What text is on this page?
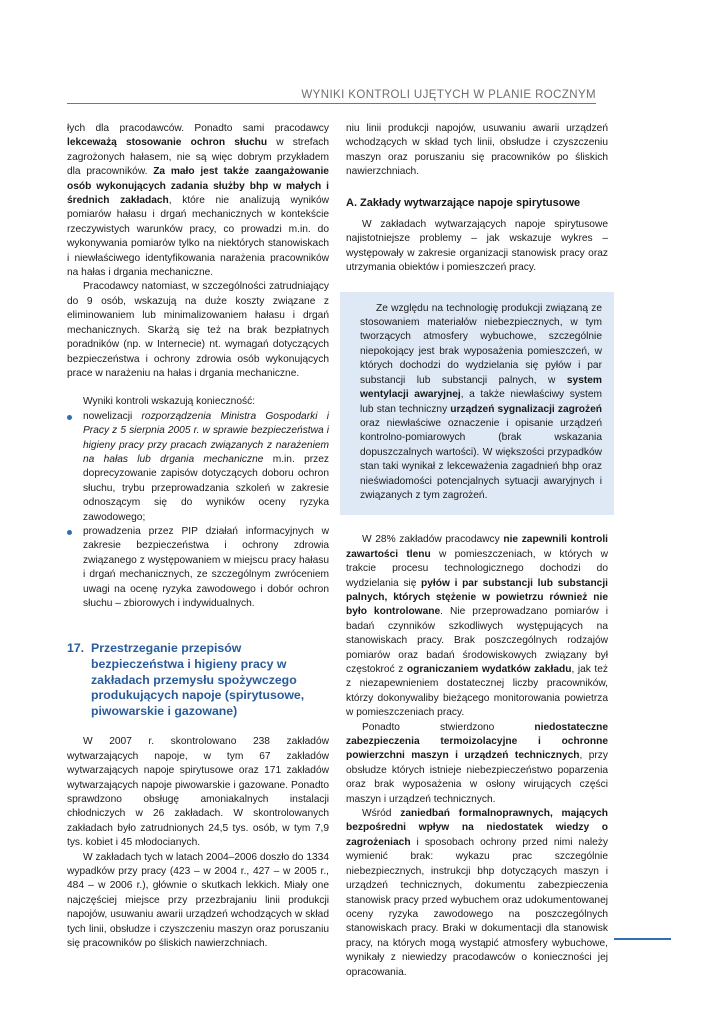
WYNIKI KONTROLI UJĘTYCH W PLANIE ROCZNYM

łych dla pracodawców. Ponadto sami pracodawcy lekceważą stosowanie ochron słuchu w strefach zagrożonych hałasem, nie są więc dobrym przykładem dla pracowników. Za mało jest także zaangażowanie osób wykonujących zadania służby bhp w małych i średnich zakładach, które nie analizują wyników pomiarów hałasu i drgań mechanicznych w kontekście rzeczywistych warunków pracy, co prowadzi m.in. do wykonywania pomiarów tylko na niektórych stanowiskach i niewłaściwego identyfikowania narażenia pracowników na hałas i drgania mechaniczne.

Pracodawcy natomiast, w szczególności zatrudniający do 9 osób, wskazują na duże koszty związane z eliminowaniem lub minimalizowaniem hałasu i drgań mechanicznych. Skarżą się też na brak bezpłatnych poradników (np. w Internecie) nt. wymagań dotyczących bezpieczeństwa i ochrony zdrowia osób wykonujących prace w narażeniu na hałas i drgania mechaniczne.

Wyniki kontroli wskazują konieczność:

nowelizacji rozporządzenia Ministra Gospodarki i Pracy z 5 sierpnia 2005 r. w sprawie bezpieczeństwa i higieny pracy przy pracach związanych z narażeniem na hałas lub drgania mechaniczne m.in. przez doprecyzowanie zapisów dotyczących doboru ochron słuchu, trybu przeprowadzania szkoleń w zakresie odnoszącym się do wyników oceny ryzyka zawodowego;
prowadzenia przez PIP działań informacyjnych w zakresie bezpieczeństwa i ochrony zdrowia związanego z występowaniem w miejscu pracy hałasu i drgań mechanicznych, ze szczególnym zwróceniem uwagi na ocenę ryzyka zawodowego i dobór ochron słuchu – zbiorowych i indywidualnych.
17. Przestrzeganie przepisów bezpieczeństwa i higieny pracy w zakładach przemysłu spożywczego produkujących napoje (spirytusowe, piwowarskie i gazowane)

W 2007 r. skontrolowano 238 zakładów wytwarzających napoje, w tym 67 zakładów wytwarzających napoje spirytusowe oraz 171 zakładów wytwarzających napoje piwowarskie i gazowane. Ponadto sprawdzono obsługę amoniakalnych instalacji chłodniczych w 26 zakładach. W skontrolowanych zakładach było zatrudnionych 24,5 tys. osób, w tym 7,9 tys. kobiet i 45 młodocianych.

W zakładach tych w latach 2004–2006 doszło do 1334 wypadków przy pracy (423 – w 2004 r., 427 – w 2005 r., 484 – w 2006 r.), głównie o skutkach lekkich. Miały one najczęściej miejsce przy przezbrajaniu linii produkcji napojów, usuwaniu awarii urządzeń wchodzących w skład tych linii, obsłudze i czyszczeniu maszyn oraz poruszaniu się pracowników po śliskich nawierzchniach.

niu linii produkcji napojów, usuwaniu awarii urządzeń wchodzących w skład tych linii, obsłudze i czyszczeniu maszyn oraz poruszaniu się pracowników po śliskich nawierzchniach.

A. Zakłady wytwarzające napoje spirytusowe

W zakładach wytwarzających napoje spirytusowe najistotniejsze problemy – jak wskazuje wykres – występowały w zakresie organizacji stanowisk pracy oraz utrzymania obiektów i pomieszczeń pracy.

Ze względu na technologię produkcji związaną ze stosowaniem materiałów niebezpiecznych, w tym tworzących atmosfery wybuchowe, szczególnie niepokojący jest brak wyposażenia pomieszczeń, w których dochodzi do wydzielania się pyłów i par substancji lub substancji palnych, w system wentylacji awaryjnej, a także niewłaściwy system lub stan techniczny urządzeń sygnalizacji zagrożeń oraz niewłaściwe oznaczenie i opisanie urządzeń kontrolno-pomiarowych (brak wskazania dopuszczalnych wartości). W większości przypadków stan taki wynikał z lekceważenia zagadnień bhp oraz nieświadomości potencjalnych sytuacji awaryjnych i związanych z tym zagrożeń.

W 28% zakładów pracodawcy nie zapewnili kontroli zawartości tlenu w pomieszczeniach, w których w trakcie procesu technologicznego dochodzi do wydzielania się pyłów i par substancji lub substancji palnych, których stężenie w powietrzu również nie było kontrolowane. Nie przeprowadzano pomiarów i badań czynników szkodliwych występujących na stanowiskach pracy. Brak poszczególnych rodzajów pomiarów oraz badań środowiskowych związany był częstokroć z ograniczaniem wydatków zakładu, jak też z niezapewnieniem dostatecznej liczby pracowników, którzy dokonywaliby bieżącego monitorowania powietrza w pomieszczeniach pracy.

Ponadto stwierdzono niedostateczne zabezpieczenia termoizolacyjne i ochronne powierzchni maszyn i urządzeń technicznych, przy obsłudze których istnieje niebezpieczeństwo poparzenia oraz brak wyposażenia w osłony wirujących części maszyn i urządzeń technicznych.

Wśród zaniedbań formalnoprawnych, mających bezpośredni wpływ na niedostatek wiedzy o zagrożeniach i sposobach ochrony przed nimi należy wymienić brak: wykazu prac szczególnie niebezpiecznych, instrukcji bhp dotyczących maszyn i urządzeń technicznych, dokumentu zabezpieczenia stanowisk pracy przed wybuchem oraz udokumentowanej oceny ryzyka zawodowego na poszczególnych stanowiskach pracy. Braki w dokumentacji dla stanowisk pracy, na których mogą wystąpić atmosfery wybuchowe, wynikały z niewiedzy pracodawców o konieczności jej opracowania.
